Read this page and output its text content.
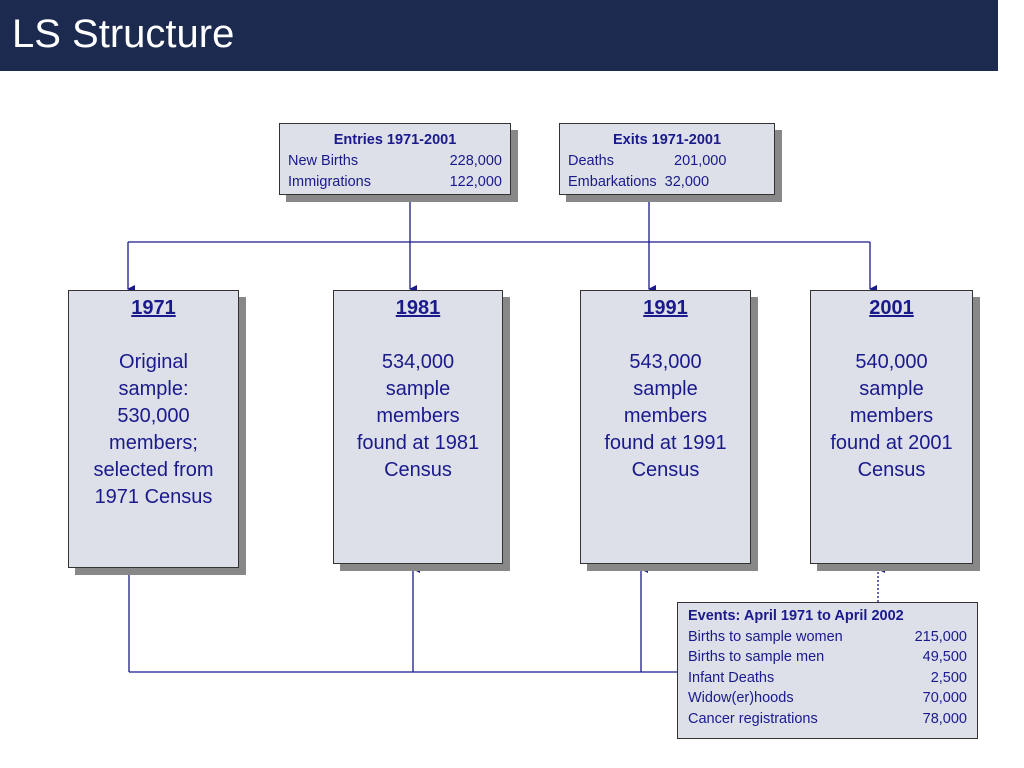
LS Structure
Entries 1971-2001
New Births	228,000
Immigrations	122,000
Exits 1971-2001
Deaths	201,000
Embarkations 32,000
1971
Original
sample:
530,000
members;
selected from
1971 Census
1981
534,000
sample
members
found at 1981
Census
1991
543,000
sample
members
found at 1991
Census
2001
540,000
sample
members
found at 2001
Census
Events: April 1971 to April 2002
Births to sample women	215,000
Births to sample men	49,500
Infant Deaths	2,500
Widow(er)hoods	70,000
Cancer registrations	78,000
